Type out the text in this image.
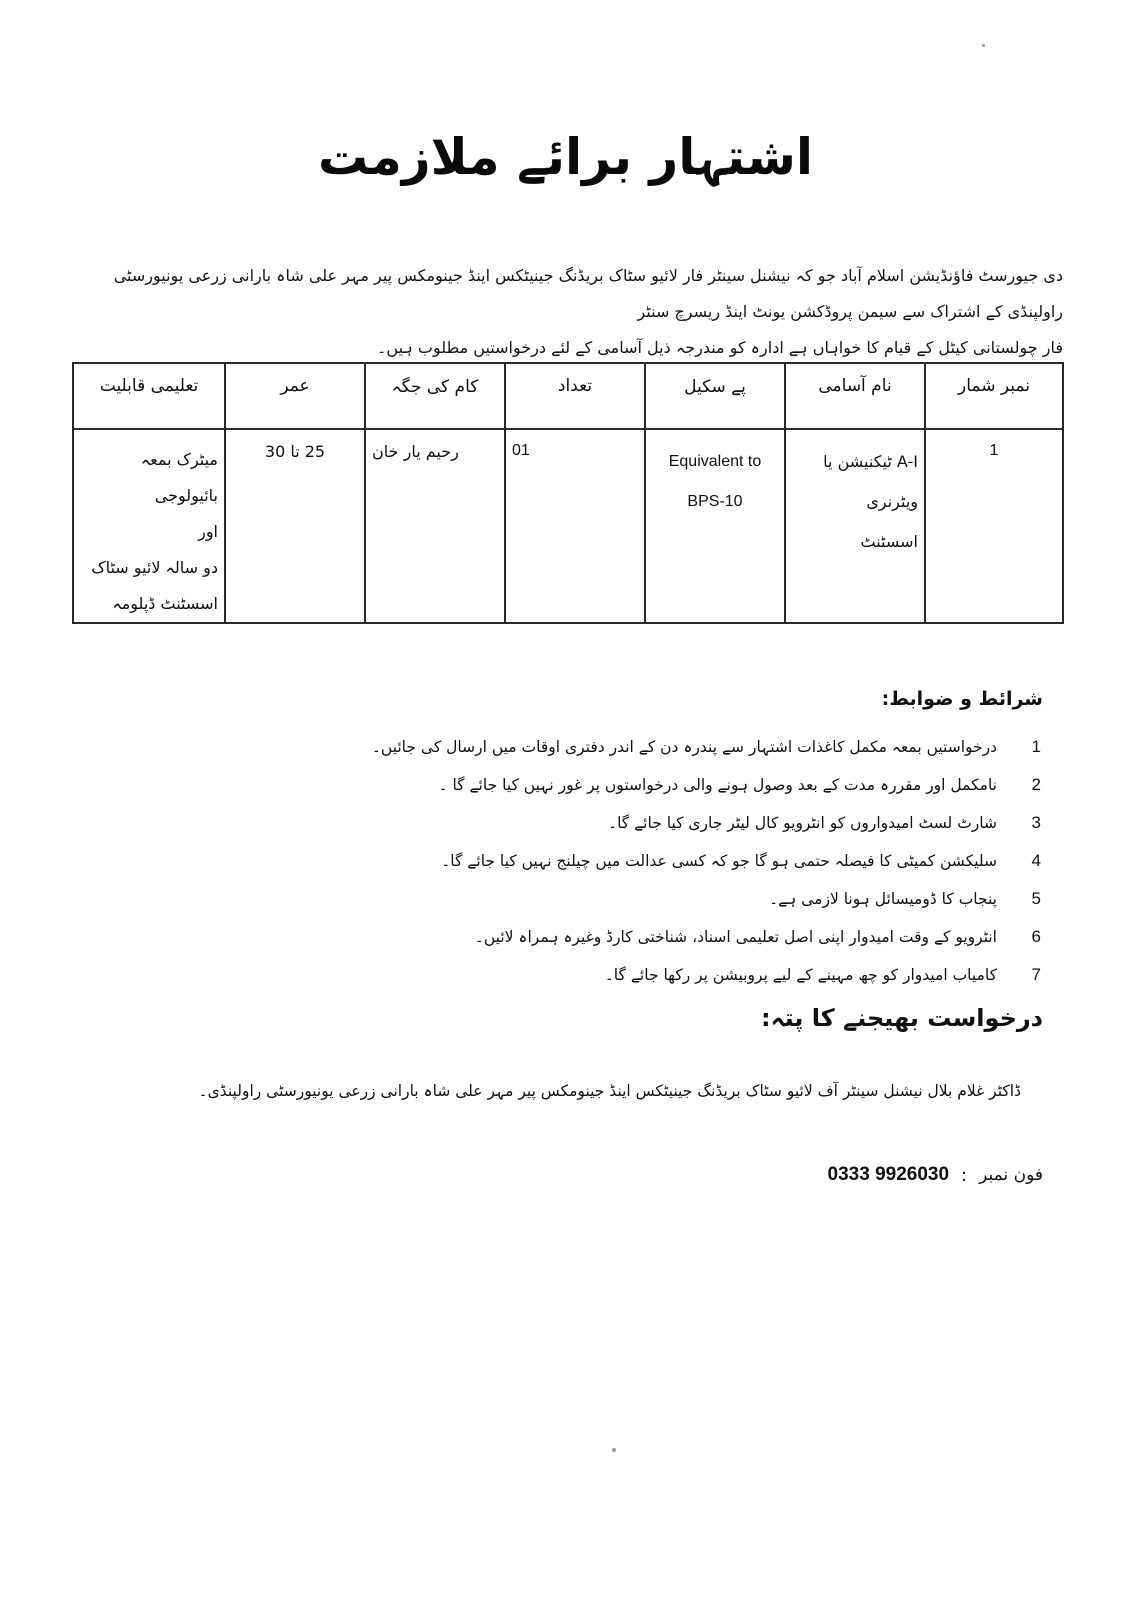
اشتہار برائے ملازمت

دی جیورسٹ فاؤنڈیشن اسلام آباد جو کہ نیشنل سینٹر فار لائیو سٹاک بریڈنگ جینیٹکس اینڈ جینومکس پیر مہر علی شاہ بارانی زرعی یونیورسٹی راولپنڈی کے اشتراک سے سیمن پروڈکشن یونٹ اینڈ ریسرچ سنٹر

فار چولستانی کیٹل کے قیام کا خواہاں ہے ادارہ کو مندرجہ ذیل آسامی کے لئے درخواستیں مطلوب ہیں۔

نمبر شمار	نام آسامی	پے سکیل	تعداد	کام کی جگہ	عمر	تعلیمی قابلیت
1	A-I ٹیکنیشن یا ویٹرنری
اسسٹنٹ	Equivalent to
BPS-10	01	رحیم یار خان	25 تا 30	میٹرک بمعہ بائیولوجی
اور
دو سالہ لائیو سٹاک
اسسٹنٹ ڈپلومہ
شرائط و ضوابط:
1
درخواستیں بمعہ مکمل کاغذات اشتہار سے پندرہ دن کے اندر دفتری اوقات میں ارسال کی جائیں۔
2
نامکمل اور مقررہ مدت کے بعد وصول ہونے والی درخواستوں پر غور نہیں کیا جائے گا ۔
3
شارٹ لسٹ امیدواروں کو انٹرویو کال لیٹر جاری کیا جائے گا۔
4
سلیکشن کمیٹی کا فیصلہ حتمی ہو گا جو کہ کسی عدالت میں چیلنج نہیں کیا جائے گا۔
5
پنجاب کا ڈومیسائل ہونا لازمی ہے۔
6
انٹرویو کے وقت امیدوار اپنی اصل تعلیمی اسناد، شناختی کارڈ وغیرہ ہمراہ لائیں۔
7
کامیاب امیدوار کو چھ مہینے کے لیے پروبیشن پر رکھا جائے گا۔
درخواست بھیجنے کا پتہ:
ڈاکٹر غلام بلال نیشنل سینٹر آف لائیو سٹاک بریڈنگ جینیٹکس اینڈ جینومکس پیر مہر علی شاہ بارانی زرعی یونیورسٹی راولپنڈی۔
فون نمبر
:
0333 9926030
